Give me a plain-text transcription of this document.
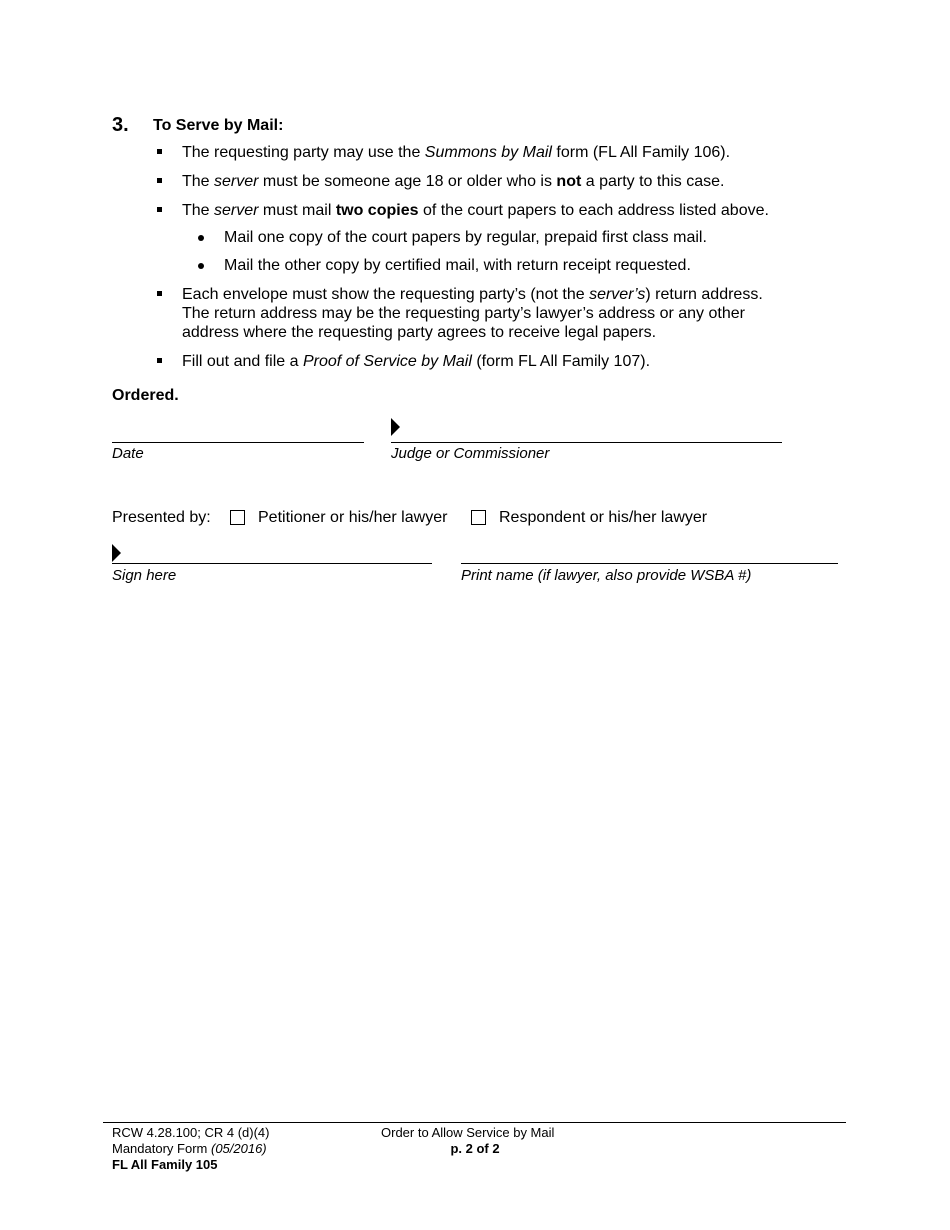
3. To Serve by Mail:
The requesting party may use the Summons by Mail form (FL All Family 106).
The server must be someone age 18 or older who is not a party to this case.
The server must mail two copies of the court papers to each address listed above.
Mail one copy of the court papers by regular, prepaid first class mail.
Mail the other copy by certified mail, with return receipt requested.
Each envelope must show the requesting party’s (not the server’s) return address.
The return address may be the requesting party’s lawyer’s address or any other
address where the requesting party agrees to receive legal papers.
Fill out and file a Proof of Service by Mail (form FL All Family 107).
Ordered.
Date	Judge or Commissioner
Presented by:	Petitioner or his/her lawyer	Respondent or his/her lawyer
Sign here	Print name (if lawyer, also provide WSBA #)
RCW 4.28.100; CR 4 (d)(4)
Mandatory Form (05/2016)
FL All Family 105
Order to Allow Service by Mail
p. 2 of 2
